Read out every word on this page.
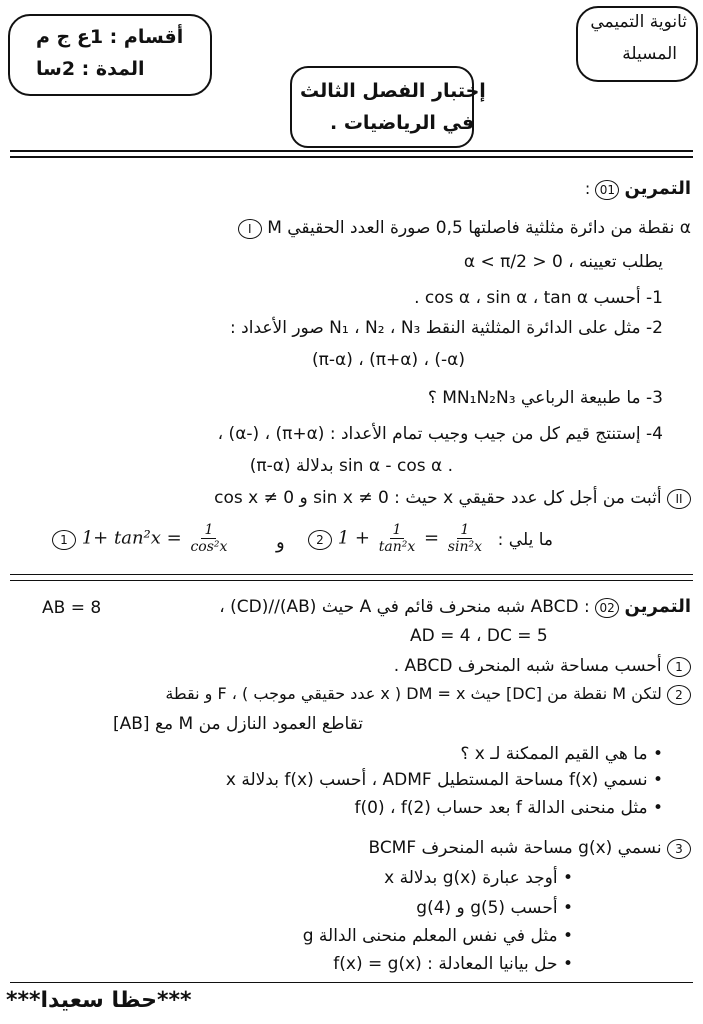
ثانوية التميمي
المسيلة
أقسام : 1ع ج م
المدة : 2سا
إختبار الفصل الثالث
في الرياضيات .
التمرين 01 :
I M نقطة من دائرة مثلثية فاصلتها 0,5 صورة العدد الحقيقي α
يطلب تعيينه ، 0 < α < π/2
1- أحسب cos α ، sin α ، tan α .
2- مثل على الدائرة المثلثية النقط N₁ ، N₂ ، N₃ صور الأعداد :
(π-α) ، (π+α) ، (-α)
3- ما طبيعة الرباعي MN₁N₂N₃ ؟
4- إستنتج قيم كل من جيب وجيب تمام الأعداد : (π+α) ، (-α) ،
(π-α) بدلالة sin α - cos α .
II أثبت من أجل كل عدد حقيقي x حيث : sin x ≠ 0 و cos x ≠ 0
ما يلي :
1 $1+ \tan^2x = \frac{1}{\text{cos²x}}$	و	2 $1 + \frac{1}{\text{tan²x}} = \frac{1}{\text{sin²x}}$
التمرين 02 : ABCD شبه منحرف قائم في A حيث (AB)//(CD) ،
AB = 8
AD = 4 ، DC = 5
1 أحسب مساحة شبه المنحرف ABCD .
2 لتكن M نقطة من [DC] حيث DM = x ( x عدد حقيقي موجب ) ، F و نقطة
تقاطع العمود النازل من M مع [AB]
• ما هي القيم الممكنة لـ x ؟
• نسمي f(x) مساحة المستطيل ADMF ، أحسب f(x) بدلالة x
• مثل منحنى الدالة f بعد حساب f(0) ، f(2)
3 نسمي g(x) مساحة شبه المنحرف BCMF
• أوجد عبارة g(x) بدلالة x
• أحسب g(5) و g(4)
• مثل في نفس المعلم منحنى الدالة g
• حل بيانيا المعادلة : f(x) = g(x)
***حظا سعيدا***
